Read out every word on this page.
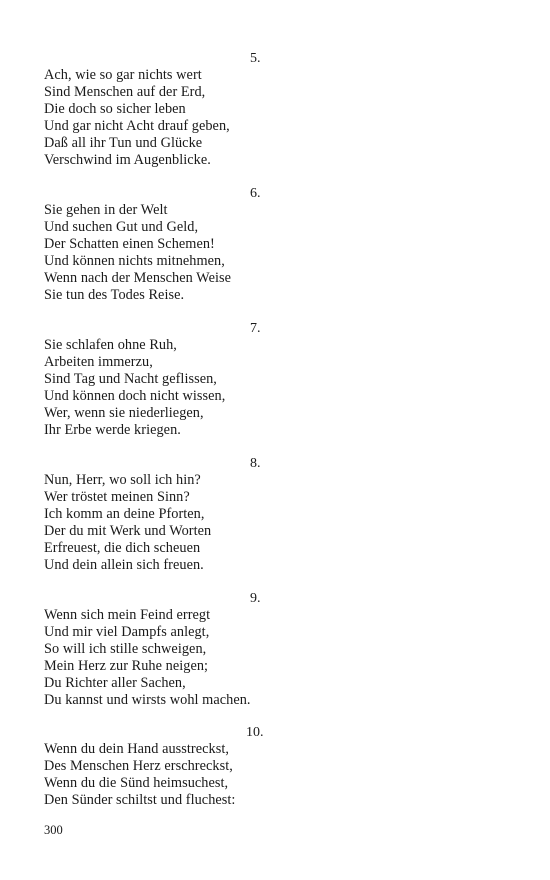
5.
Ach, wie so gar nichts wert
Sind Menschen auf der Erd,
Die doch so sicher leben
Und gar nicht Acht drauf geben,
Daß all ihr Tun und Glücke
Verschwind im Augenblicke.
6.
Sie gehen in der Welt
Und suchen Gut und Geld,
Der Schatten einen Schemen!
Und können nichts mitnehmen,
Wenn nach der Menschen Weise
Sie tun des Todes Reise.
7.
Sie schlafen ohne Ruh,
Arbeiten immerzu,
Sind Tag und Nacht geflissen,
Und können doch nicht wissen,
Wer, wenn sie niederliegen,
Ihr Erbe werde kriegen.
8.
Nun, Herr, wo soll ich hin?
Wer tröstet meinen Sinn?
Ich komm an deine Pforten,
Der du mit Werk und Worten
Erfreuest, die dich scheuen
Und dein allein sich freuen.
9.
Wenn sich mein Feind erregt
Und mir viel Dampfs anlegt,
So will ich stille schweigen,
Mein Herz zur Ruhe neigen;
Du Richter aller Sachen,
Du kannst und wirsts wohl machen.
10.
Wenn du dein Hand ausstreckst,
Des Menschen Herz erschreckst,
Wenn du die Sünd heimsuchest,
Den Sünder schiltst und fluchest:
300
